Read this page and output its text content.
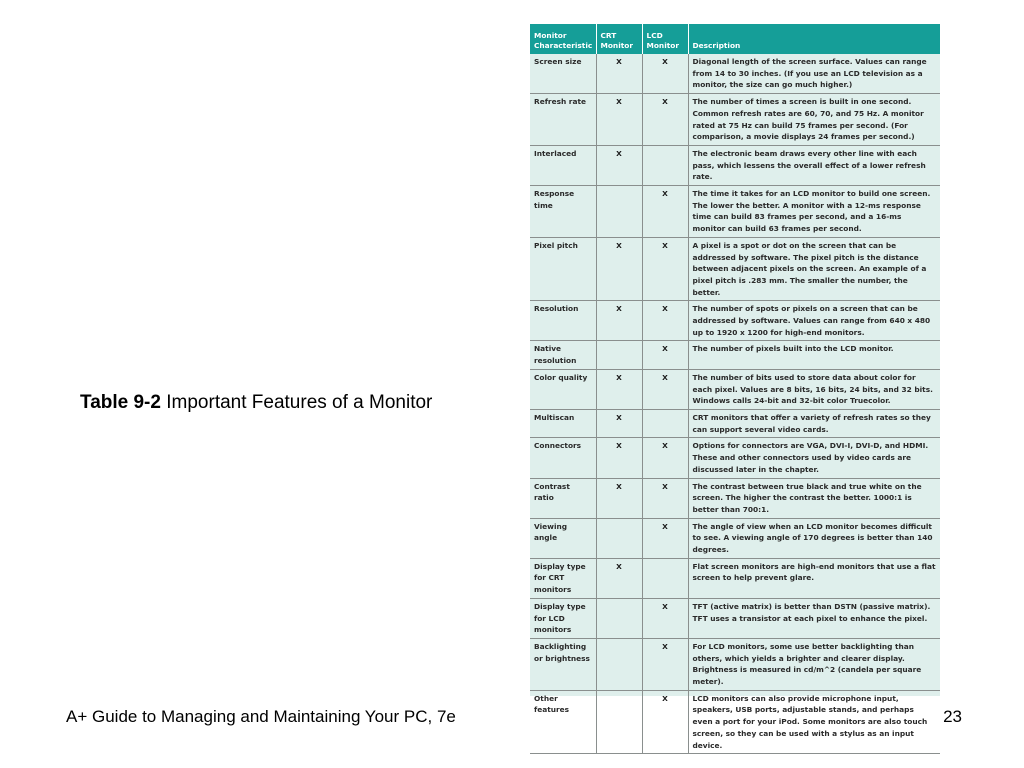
Table 9-2 Important Features of a Monitor
Monitor Characteristic	CRT Monitor	LCD Monitor	Description
Screen size	X	X	Diagonal length of the screen surface. Values can range from 14 to 30 inches. (If you use an LCD television as a monitor, the size can go much higher.)
Refresh rate	X	X	The number of times a screen is built in one second. Common refresh rates are 60, 70, and 75 Hz. A monitor rated at 75 Hz can build 75 frames per second. (For comparison, a movie displays 24 frames per second.)
Interlaced	X		The electronic beam draws every other line with each pass, which lessens the overall effect of a lower refresh rate.
Response time		X	The time it takes for an LCD monitor to build one screen. The lower the better. A monitor with a 12-ms response time can build 83 frames per second, and a 16-ms monitor can build 63 frames per second.
Pixel pitch	X	X	A pixel is a spot or dot on the screen that can be addressed by software. The pixel pitch is the distance between adjacent pixels on the screen. An example of a pixel pitch is .283 mm. The smaller the number, the better.
Resolution	X	X	The number of spots or pixels on a screen that can be addressed by software. Values can range from 640 x 480 up to 1920 x 1200 for high-end monitors.
Native resolution		X	The number of pixels built into the LCD monitor.
Color quality	X	X	The number of bits used to store data about color for each pixel. Values are 8 bits, 16 bits, 24 bits, and 32 bits. Windows calls 24-bit and 32-bit color Truecolor.
Multiscan	X		CRT monitors that offer a variety of refresh rates so they can support several video cards.
Connectors	X	X	Options for connectors are VGA, DVI-I, DVI-D, and HDMI. These and other connectors used by video cards are discussed later in the chapter.
Contrast ratio	X	X	The contrast between true black and true white on the screen. The higher the contrast the better. 1000:1 is better than 700:1.
Viewing angle		X	The angle of view when an LCD monitor becomes difficult to see. A viewing angle of 170 degrees is better than 140 degrees.
Display type for CRT monitors	X		Flat screen monitors are high-end monitors that use a flat screen to help prevent glare.
Display type for LCD monitors		X	TFT (active matrix) is better than DSTN (passive matrix). TFT uses a transistor at each pixel to enhance the pixel.
Backlighting or brightness		X	For LCD monitors, some use better backlighting than others, which yields a brighter and clearer display. Brightness is measured in cd/m^2 (candela per square meter).
Other features		X	LCD monitors can also provide microphone input, speakers, USB ports, adjustable stands, and perhaps even a port for your iPod. Some monitors are also touch screen, so they can be used with a stylus as an input device.
A+ Guide to Managing and Maintaining Your PC, 7e	23
